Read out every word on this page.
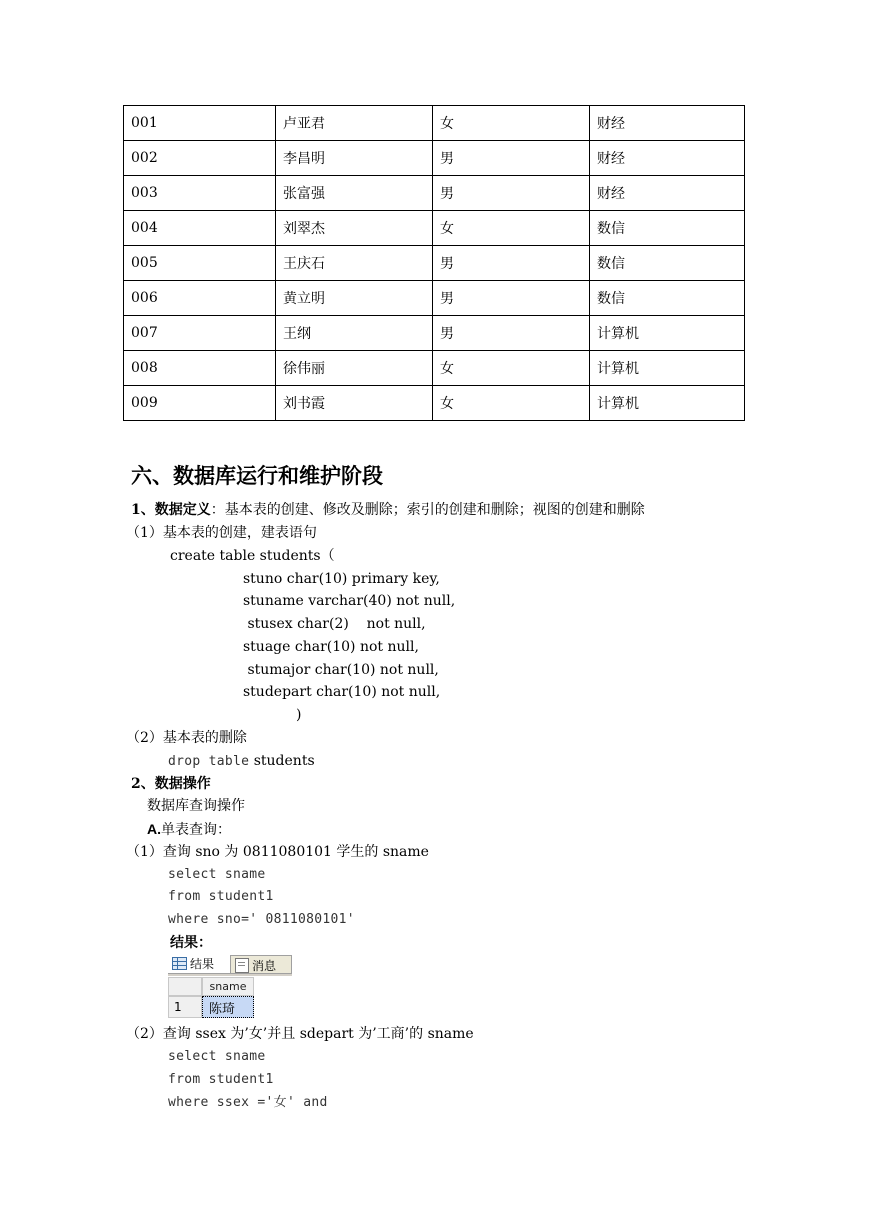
001	卢亚君	女	财经
002	李昌明	男	财经
003	张富强	男	财经
004	刘翠杰	女	数信
005	王庆石	男	数信
006	黄立明	男	数信
007	王纲	男	计算机
008	徐伟丽	女	计算机
009	刘书霞	女	计算机
六、数据库运行和维护阶段
1、数据定义：基本表的创建、修改及删除；索引的创建和删除；视图的创建和删除
（1）基本表的创建，建表语句
create table students（
stuno char(10) primary key,
stuname varchar(40) not null,
stusex char(2)    not null,
stuage char(10) not null,
stumajor char(10) not null,
studepart char(10) not null,
)
（2）基本表的删除
drop table students
2、数据操作
数据库查询操作
A.单表查询：
（1）查询 sno 为 0811080101 学生的 sname
select sname
from student1
where sno=' 0811080101'
结果：
结果	消息
sname
1	陈琦
（2）查询 ssex 为’女’并且 sdepart 为’工商’的 sname
select sname
from student1
where ssex ='女' and
